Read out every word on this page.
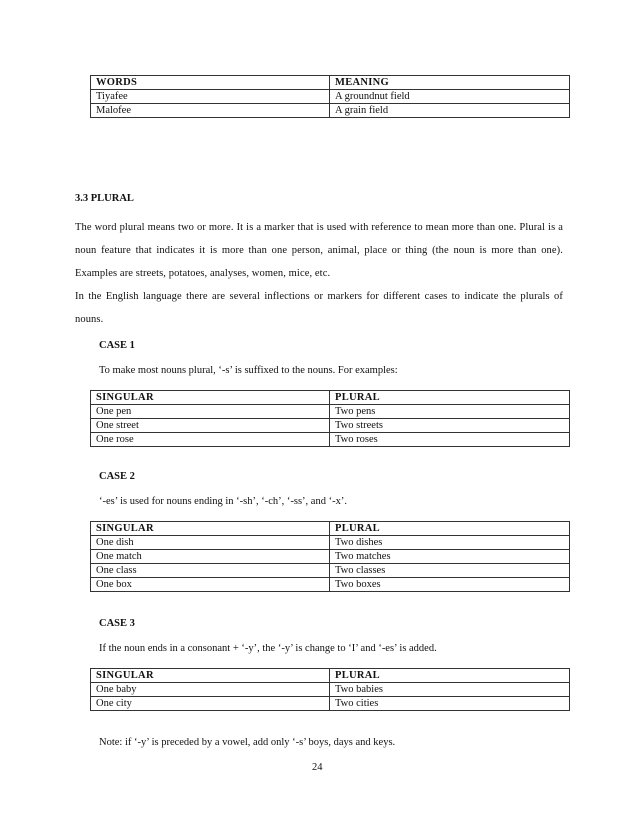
WORDS	MEANING
Tiyafee	A groundnut field
Malofee	A grain field
3.3 PLURAL
The word plural means two or more. It is a marker that is used with reference to mean more than one. Plural is a noun feature that indicates it is more than one person, animal, place or thing (the noun is more than one). Examples are streets, potatoes, analyses, women, mice, etc.
In the English language there are several inflections or markers for different cases to indicate the plurals of nouns.
CASE 1
To make most nouns plural, ‘-s’ is suffixed to the nouns. For examples:
SINGULAR	PLURAL
One pen	Two pens
One street	Two streets
One rose	Two roses
CASE 2
‘-es’ is used for nouns ending in ‘-sh’, ‘-ch’, ‘-ss’, and ‘-x’.
SINGULAR	PLURAL
One dish	Two dishes
One match	Two matches
One class	Two classes
One box	Two boxes
CASE 3
If the noun ends in a consonant + ‘-y’, the ‘-y’ is change to ‘I’ and ‘-es’ is added.
SINGULAR	PLURAL
One baby	Two babies
One city	Two cities
Note: if ‘-y’ is preceded by a vowel, add only ‘-s’ boys, days and keys.
24
